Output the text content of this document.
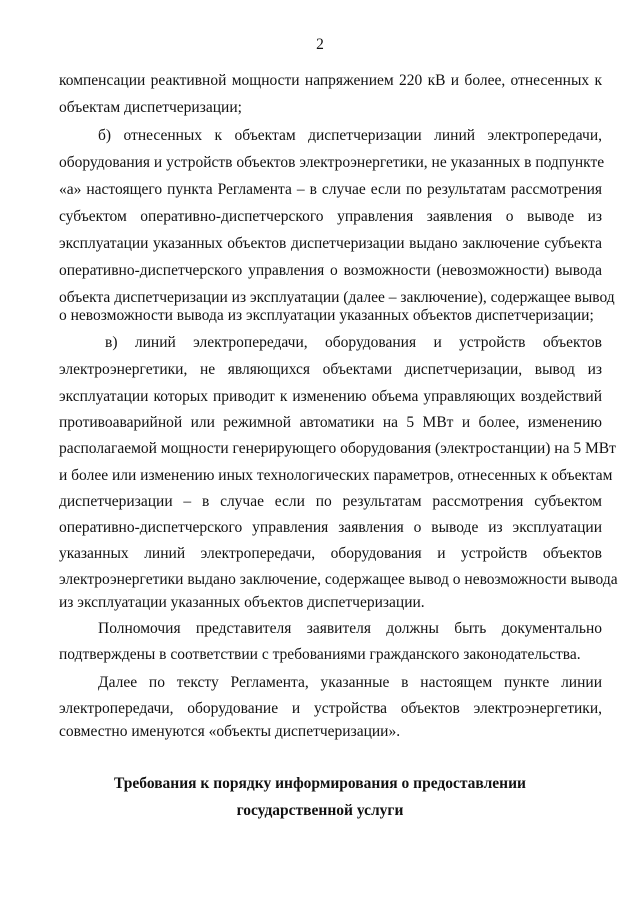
2
компенсации реактивной мощности напряжением 220 кВ и более, отнесенных к
объектам диспетчеризации;
б) отнесенных к объектам диспетчеризации линий электропередачи,
оборудования и устройств объектов электроэнергетики, не указанных в подпункте
«а» настоящего пункта Регламента – в случае если по результатам рассмотрения
субъектом оперативно-диспетчерского управления заявления о выводе из
эксплуатации указанных объектов диспетчеризации выдано заключение субъекта
оперативно-диспетчерского управления о возможности (невозможности) вывода
объекта диспетчеризации из эксплуатации (далее – заключение), содержащее вывод
о невозможности вывода из эксплуатации указанных объектов диспетчеризации;
в) линий электропередачи, оборудования и устройств объектов
электроэнергетики, не являющихся объектами диспетчеризации, вывод из
эксплуатации которых приводит к изменению объема управляющих воздействий
противоаварийной или режимной автоматики на 5 МВт и более, изменению
располагаемой мощности генерирующего оборудования (электростанции) на 5 МВт
и более или изменению иных технологических параметров, отнесенных к объектам
диспетчеризации – в случае если по результатам рассмотрения субъектом
оперативно-диспетчерского управления заявления о выводе из эксплуатации
указанных линий электропередачи, оборудования и устройств объектов
электроэнергетики выдано заключение, содержащее вывод о невозможности вывода
из эксплуатации указанных объектов диспетчеризации.
Полномочия представителя заявителя должны быть документально
подтверждены в соответствии с требованиями гражданского законодательства.
Далее по тексту Регламента, указанные в настоящем пункте линии
электропередачи, оборудование и устройства объектов электроэнергетики,
совместно именуются «объекты диспетчеризации».
Требования к порядку информирования о предоставлении
государственной услуги
